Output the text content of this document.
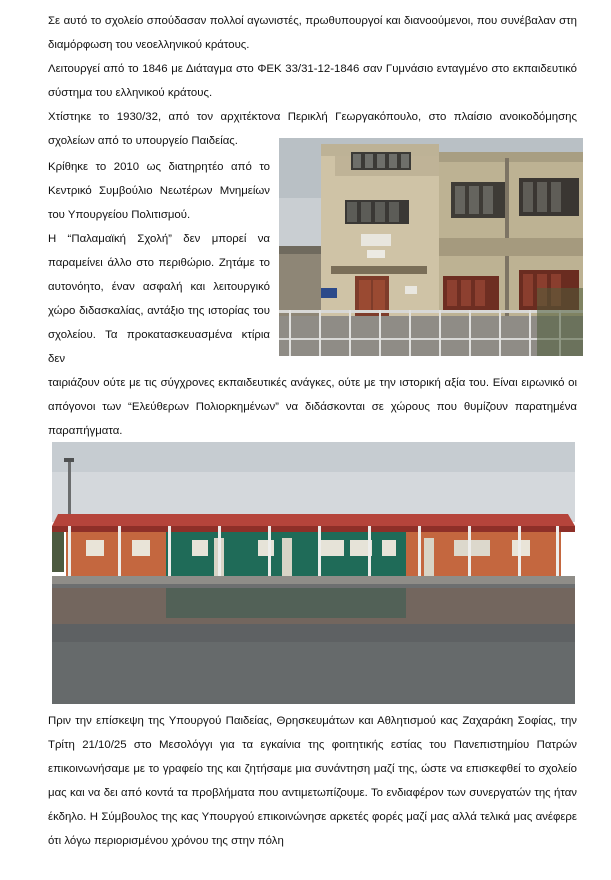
Σε αυτό το σχολείο σπούδασαν πολλοί αγωνιστές, πρωθυπουργοί και διανοούμενοι, που συνέβαλαν στη διαμόρφωση του νεοελληνικού κράτους.

Λειτουργεί από το 1846 με Διάταγμα στο ΦΕΚ 33/31-12-1846 σαν Γυμνάσιο ενταγμένο στο εκπαιδευτικό σύστημα του ελληνικού κράτους.

Χτίστηκε το 1930/32, από τον αρχιτέκτονα Περικλή Γεωργακόπουλο, στο πλαίσιο ανοικοδόμησης σχολείων από το υπουργείο Παιδείας.

Κρίθηκε το 2010 ως διατηρητέο από το Κεντρικό Συμβούλιο Νεωτέρων Μνημείων του Υπουργείου Πολιτισμού.

Η “Παλαμαϊκή Σχολή” δεν μπορεί να παραμείνει άλλο στο περιθώριο. Ζητάμε το αυτονόητο, έναν ασφαλή και λειτουργικό χώρο διδασκαλίας, αντάξιο της ιστορίας του σχολείου. Τα προκατασκευασμένα κτίρια δεν

ταιριάζουν ούτε με τις σύγχρονες εκπαιδευτικές ανάγκες, ούτε με την ιστορική αξία του. Είναι ειρωνικό οι απόγονοι των “Ελεύθερων Πολιορκημένων” να διδάσκονται σε χώρους που θυμίζουν παρατημένα παραπήγματα.

Πριν την επίσκεψη της Υπουργού Παιδείας, Θρησκευμάτων και Αθλητισμού κας Ζαχαράκη Σοφίας, την Τρίτη 21/10/25 στο Μεσολόγγι για τα εγκαίνια της φοιτητικής εστίας του Πανεπιστημίου Πατρών επικοινωνήσαμε με το γραφείο της και ζητήσαμε μια συνάντηση μαζί της, ώστε να επισκεφθεί το σχολείο μας και να δει από κοντά τα προβλήματα που αντιμετωπίζουμε. Το ενδιαφέρον των συνεργατών της ήταν έκδηλο. Η Σύμβουλος της κας Υπουργού επικοινώνησε αρκετές φορές μαζί μας αλλά τελικά μας ανέφερε ότι λόγω περιορισμένου χρόνου της στην πόλη
